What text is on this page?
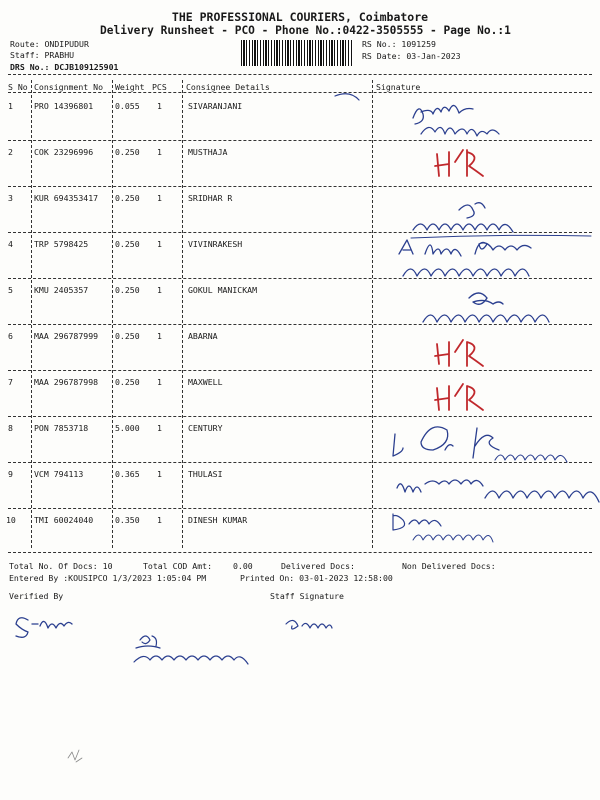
THE PROFESSIONAL COURIERS, Coimbatore
Delivery Runsheet - PCO - Phone No.:0422-3505555 - Page No.:1
Route: ONDIPUDUR
Staff: PRABHU
DRS No.: DCJB109125901
RS No.: 1091259
RS Date: 03-Jan-2023
S No Consignment No Weight PCS Consignee Details	Signature
1	PRO 14396801	0.055 1	SIVARANJANI
2	COK 23296996	0.250 1	MUSTHAJA
3	KUR 694353417 0.250 1	SRIDHAR R
4	TRP 5798425	0.250 1	VIVINRAKESH
5	KMU 2405357	0.250 1	GOKUL MANICKAM
6	MAA 296787999 0.250 1	ABARNA
7	MAA 296787998 0.250 1	MAXWELL
8	PON 7853718	5.000 1	CENTURY
9	VCM 794113	0.365 1	THULASI
10 TMI 60024040	0.350 1	DINESH KUMAR
Total No. Of Docs: 10	Total COD Amt:	0.00	Delivered Docs:	Non Delivered Docs:
Entered By :KOUSIPCO 1/3/2023 1:05:04 PM	Printed On: 03-01-2023 12:58:00
Verified By	Staff Signature
